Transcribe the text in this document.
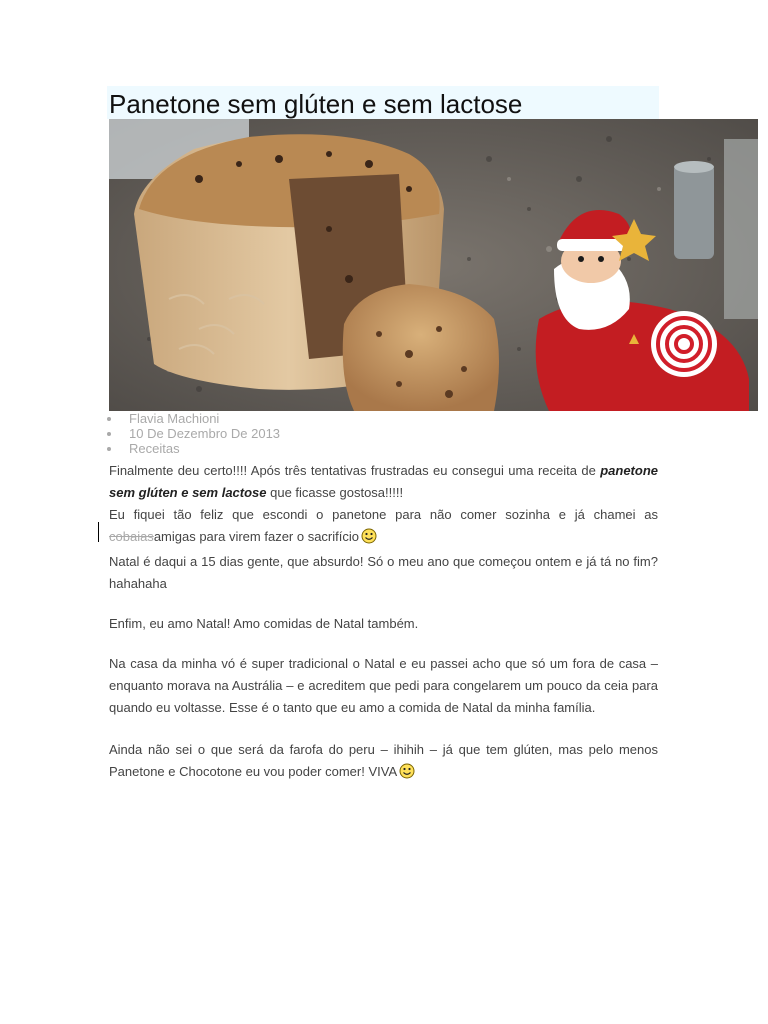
Panetone sem glúten e sem lactose
Flavia Machioni
10 De Dezembro De 2013
Receitas

Finalmente deu certo!!!! Após três tentativas frustradas eu consegui uma receita de panetone sem glúten e sem lactose que ficasse gostosa!!!!!

Eu fiquei tão feliz que escondi o panetone para não comer sozinha e já chamei as cobaiasamigas para virem fazer o sacrifício

Natal é daqui a 15 dias gente, que absurdo! Só o meu ano que começou ontem e já tá no fim? hahahaha

Enfim, eu amo Natal! Amo comidas de Natal também.

Na casa da minha vó é super tradicional o Natal e eu passei acho que só um fora de casa – enquanto morava na Austrália – e acreditem que pedi para congelarem um pouco da ceia para quando eu voltasse. Esse é o tanto que eu amo a comida de Natal da minha família.

Ainda não sei o que será da farofa do peru – ihihih – já que tem glúten, mas pelo menos Panetone e Chocotone eu vou poder comer! VIVA
